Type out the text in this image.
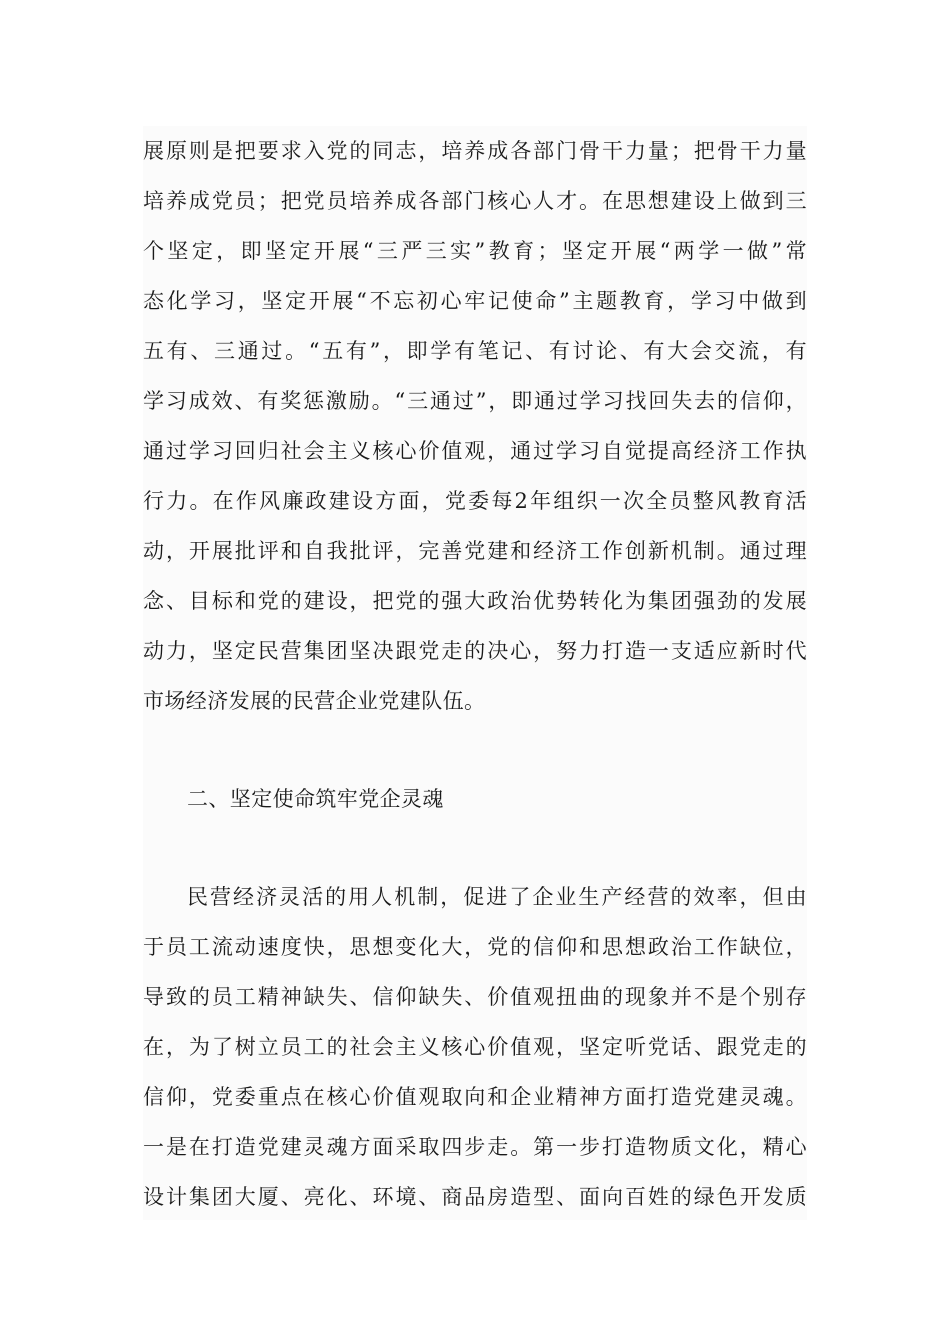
展原则是把要求入党的同志，培养成各部门骨干力量；把骨干力量
培养成党员；把党员培养成各部门核心人才。在思想建设上做到三
个坚定，即坚定开展“三严三实”教育；坚定开展“两学一做”常
态化学习，坚定开展“不忘初心牢记使命”主题教育，学习中做到
五有、三通过。“五有”，即学有笔记、有讨论、有大会交流，有
学习成效、有奖惩激励。“三通过”，即通过学习找回失去的信仰，
通过学习回归社会主义核心价值观，通过学习自觉提高经济工作执
行力。在作风廉政建设方面，党委每2年组织一次全员整风教育活
动，开展批评和自我批评，完善党建和经济工作创新机制。通过理
念、目标和党的建设，把党的强大政治优势转化为集团强劲的发展
动力，坚定民营集团坚决跟党走的决心，努力打造一支适应新时代
市场经济发展的民营企业党建队伍。
二、坚定使命筑牢党企灵魂
民营经济灵活的用人机制，促进了企业生产经营的效率，但由
于员工流动速度快，思想变化大，党的信仰和思想政治工作缺位，
导致的员工精神缺失、信仰缺失、价值观扭曲的现象并不是个别存
在，为了树立员工的社会主义核心价值观，坚定听党话、跟党走的
信仰，党委重点在核心价值观取向和企业精神方面打造党建灵魂。
一是在打造党建灵魂方面采取四步走。第一步打造物质文化，精心
设计集团大厦、亮化、环境、商品房造型、面向百姓的绿色开发质
